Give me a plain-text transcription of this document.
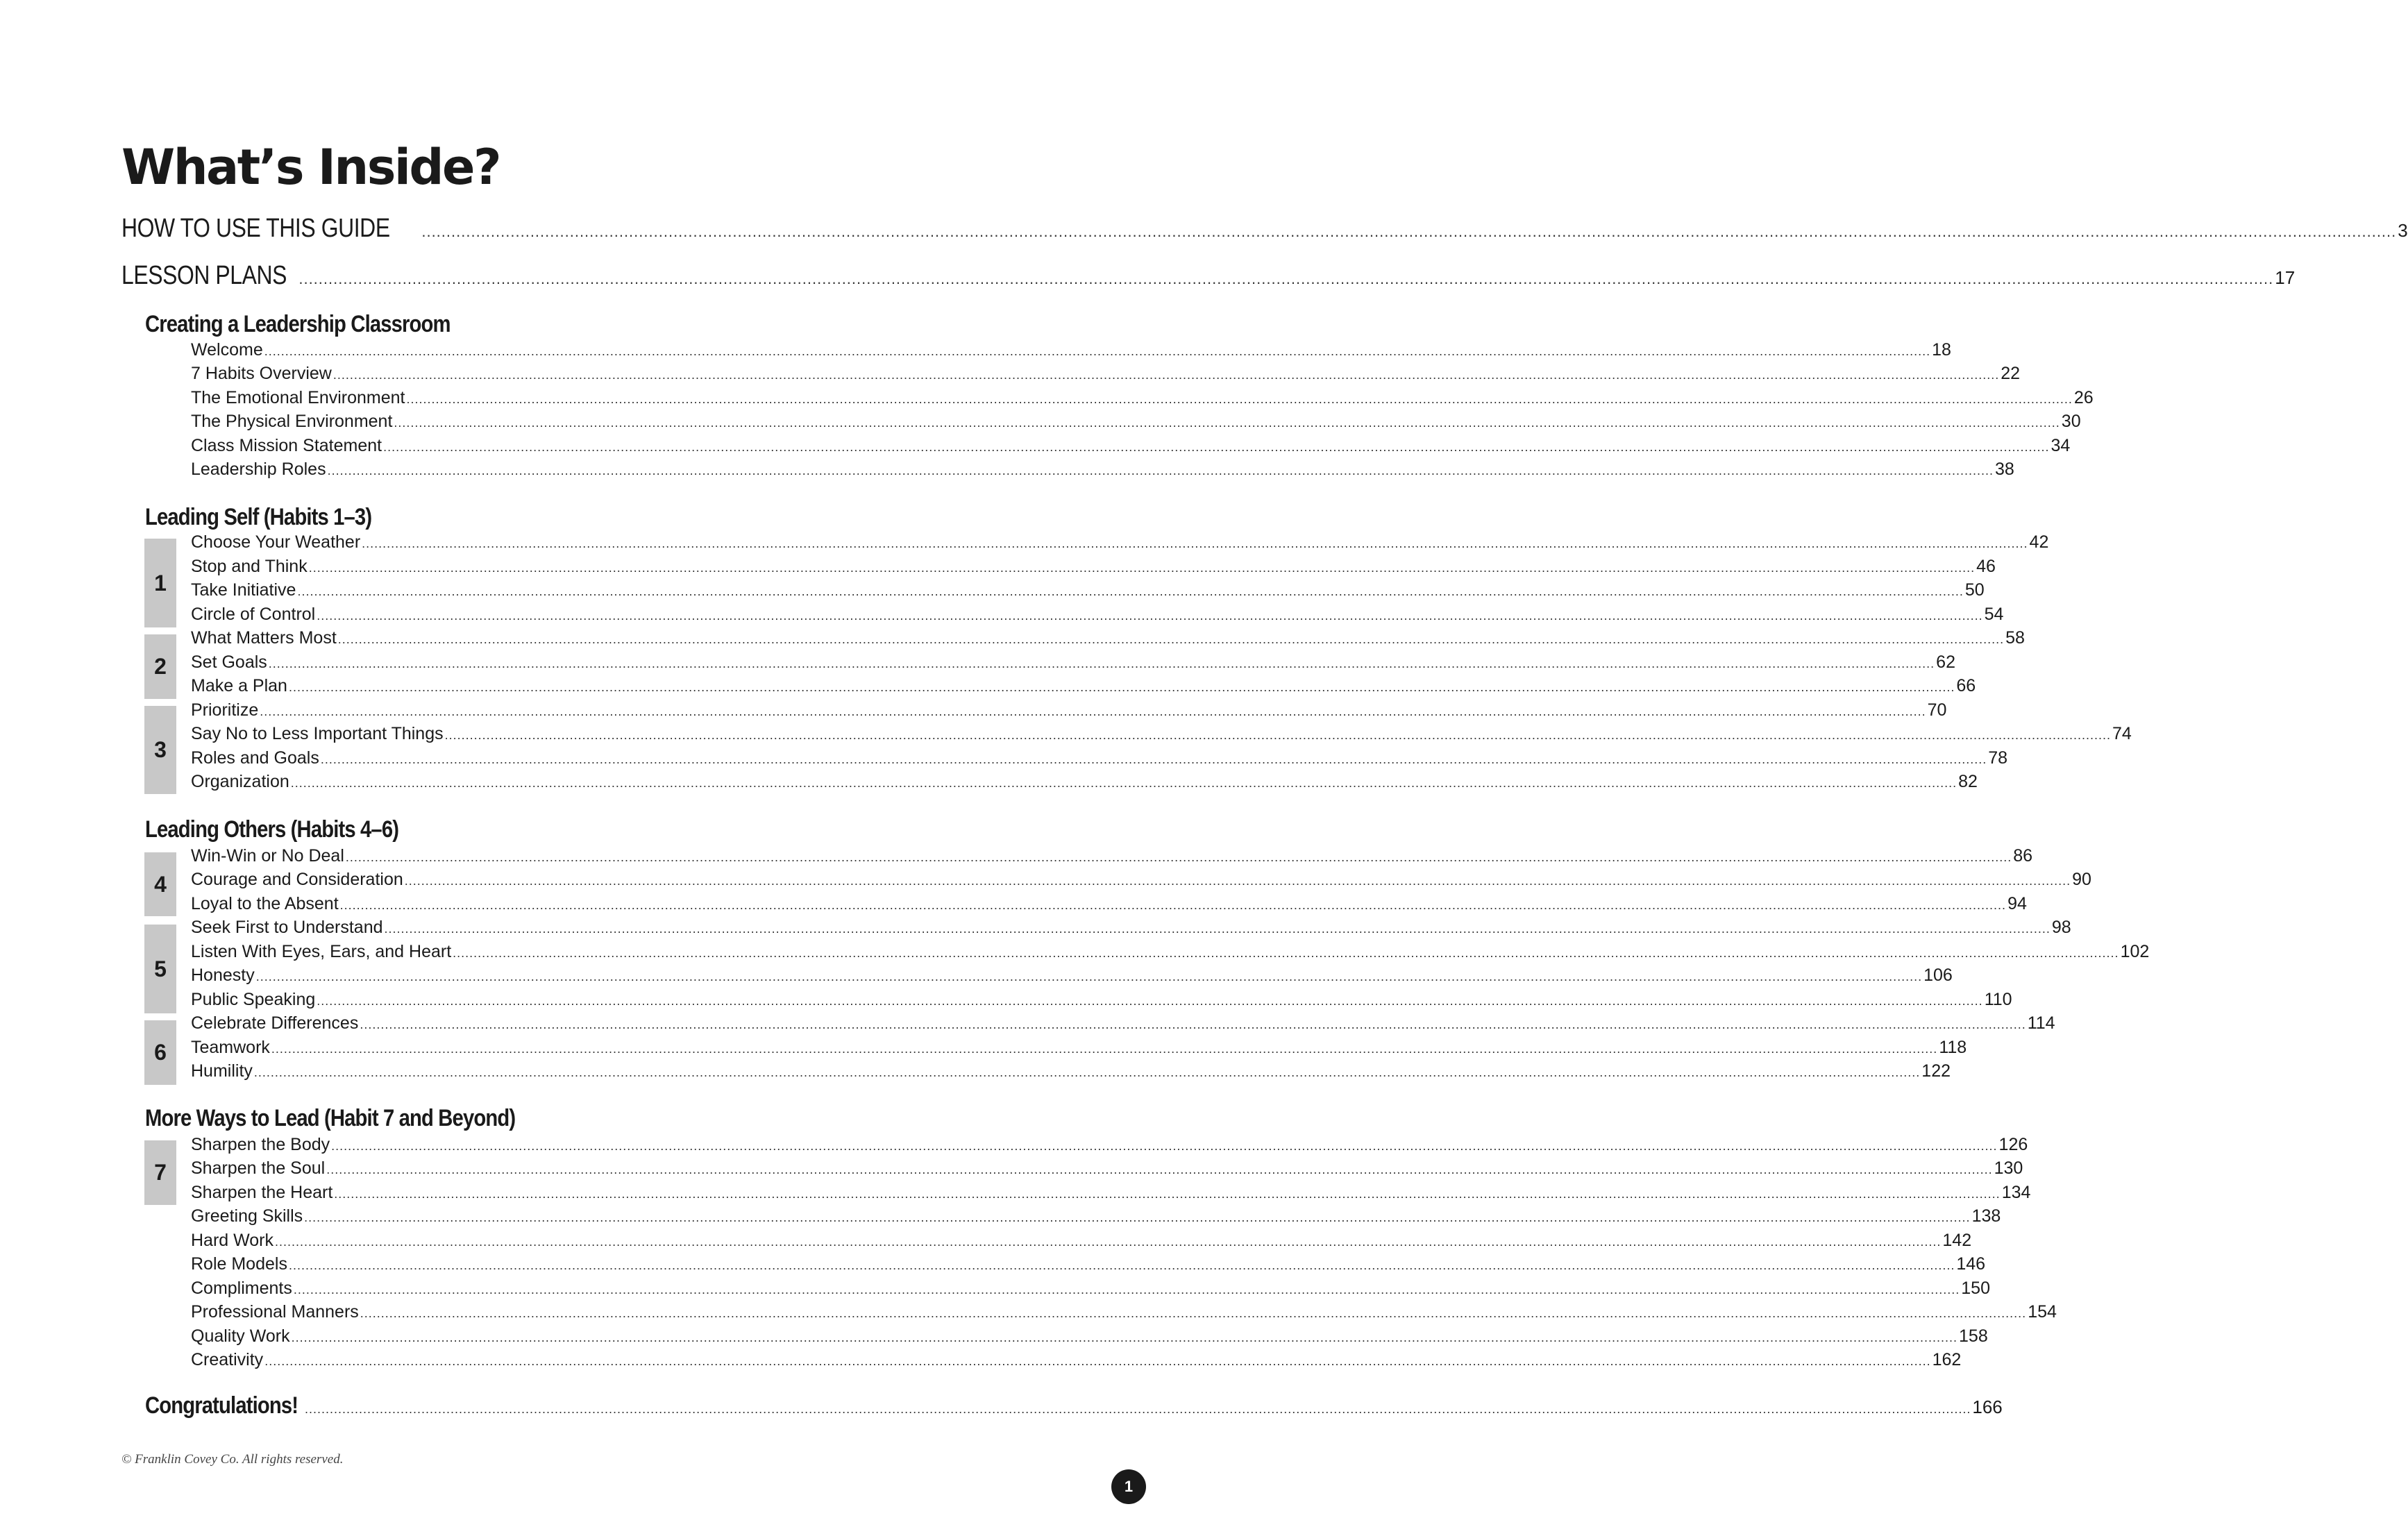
What’s Inside?
HOW TO USE THIS GUIDE ................................................................................................................................................................................................................................................................................................................................................................................................................ 3
LESSON PLANS ................................................................................................................................................................................................................................................................................................................................................................................................................ 17
Creating a Leadership Classroom
Welcome ................................................................................................................................................................................................................................................................................................................................................................................................................ 18
7 Habits Overview ................................................................................................................................................................................................................................................................................................................................................................................................................ 22
The Emotional Environment ................................................................................................................................................................................................................................................................................................................................................................................................................ 26
The Physical Environment ................................................................................................................................................................................................................................................................................................................................................................................................................ 30
Class Mission Statement ................................................................................................................................................................................................................................................................................................................................................................................................................ 34
Leadership Roles ................................................................................................................................................................................................................................................................................................................................................................................................................ 38
Leading Self (Habits 1–3)
1
2
3
Choose Your Weather ................................................................................................................................................................................................................................................................................................................................................................................................................ 42
Stop and Think ................................................................................................................................................................................................................................................................................................................................................................................................................ 46
Take Initiative ................................................................................................................................................................................................................................................................................................................................................................................................................ 50
Circle of Control ................................................................................................................................................................................................................................................................................................................................................................................................................ 54
What Matters Most ................................................................................................................................................................................................................................................................................................................................................................................................................ 58
Set Goals ................................................................................................................................................................................................................................................................................................................................................................................................................ 62
Make a Plan ................................................................................................................................................................................................................................................................................................................................................................................................................ 66
Prioritize ................................................................................................................................................................................................................................................................................................................................................................................................................ 70
Say No to Less Important Things ................................................................................................................................................................................................................................................................................................................................................................................................................ 74
Roles and Goals ................................................................................................................................................................................................................................................................................................................................................................................................................ 78
Organization ................................................................................................................................................................................................................................................................................................................................................................................................................ 82
Leading Others (Habits 4–6)
4
5
6
Win-Win or No Deal ................................................................................................................................................................................................................................................................................................................................................................................................................ 86
Courage and Consideration ................................................................................................................................................................................................................................................................................................................................................................................................................ 90
Loyal to the Absent ................................................................................................................................................................................................................................................................................................................................................................................................................ 94
Seek First to Understand ................................................................................................................................................................................................................................................................................................................................................................................................................ 98
Listen With Eyes, Ears, and Heart ................................................................................................................................................................................................................................................................................................................................................................................................................ 102
Honesty ................................................................................................................................................................................................................................................................................................................................................................................................................ 106
Public Speaking ................................................................................................................................................................................................................................................................................................................................................................................................................ 110
Celebrate Differences ................................................................................................................................................................................................................................................................................................................................................................................................................ 114
Teamwork ................................................................................................................................................................................................................................................................................................................................................................................................................ 118
Humility ................................................................................................................................................................................................................................................................................................................................................................................................................ 122
More Ways to Lead (Habit 7 and Beyond)
7
Sharpen the Body ................................................................................................................................................................................................................................................................................................................................................................................................................ 126
Sharpen the Soul ................................................................................................................................................................................................................................................................................................................................................................................................................ 130
Sharpen the Heart ................................................................................................................................................................................................................................................................................................................................................................................................................ 134
Greeting Skills ................................................................................................................................................................................................................................................................................................................................................................................................................ 138
Hard Work ................................................................................................................................................................................................................................................................................................................................................................................................................ 142
Role Models ................................................................................................................................................................................................................................................................................................................................................................................................................ 146
Compliments ................................................................................................................................................................................................................................................................................................................................................................................................................ 150
Professional Manners ................................................................................................................................................................................................................................................................................................................................................................................................................ 154
Quality Work ................................................................................................................................................................................................................................................................................................................................................................................................................ 158
Creativity ................................................................................................................................................................................................................................................................................................................................................................................................................ 162
Congratulations! ................................................................................................................................................................................................................................................................................................................................................................................................................ 166
© Franklin Covey Co. All rights reserved.
1
